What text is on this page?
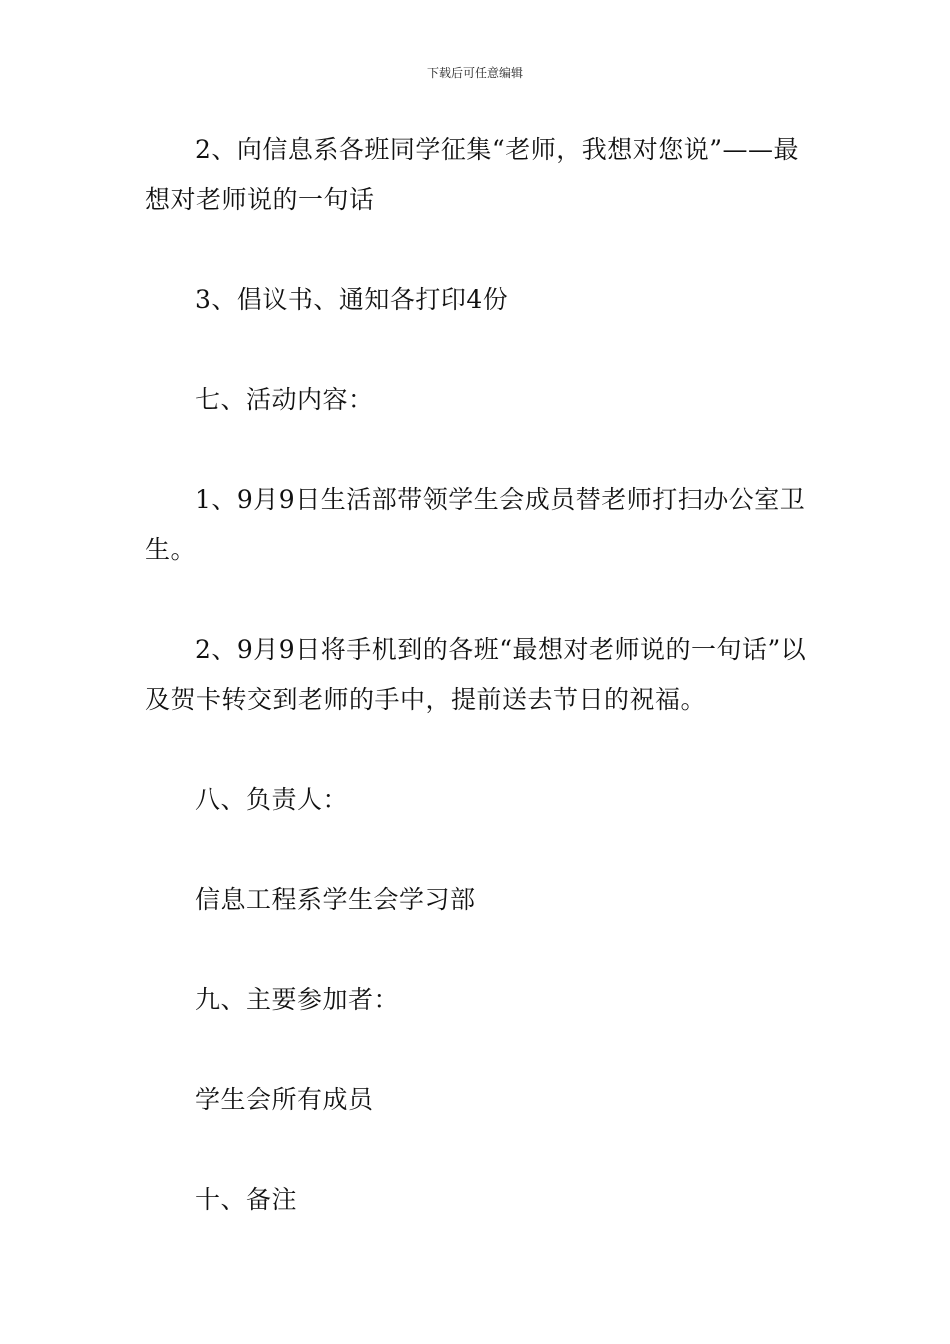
下载后可任意编辑

2、向信息系各班同学征集“老师，我想对您说”——最想对老师说的一句话

3、倡议书、通知各打印4份

七、活动内容：

1、9月9日生活部带领学生会成员替老师打扫办公室卫生。

2、9月9日将手机到的各班“最想对老师说的一句话”以及贺卡转交到老师的手中，提前送去节日的祝福。

八、负责人：

信息工程系学生会学习部

九、主要参加者：

学生会所有成员

十、备注
